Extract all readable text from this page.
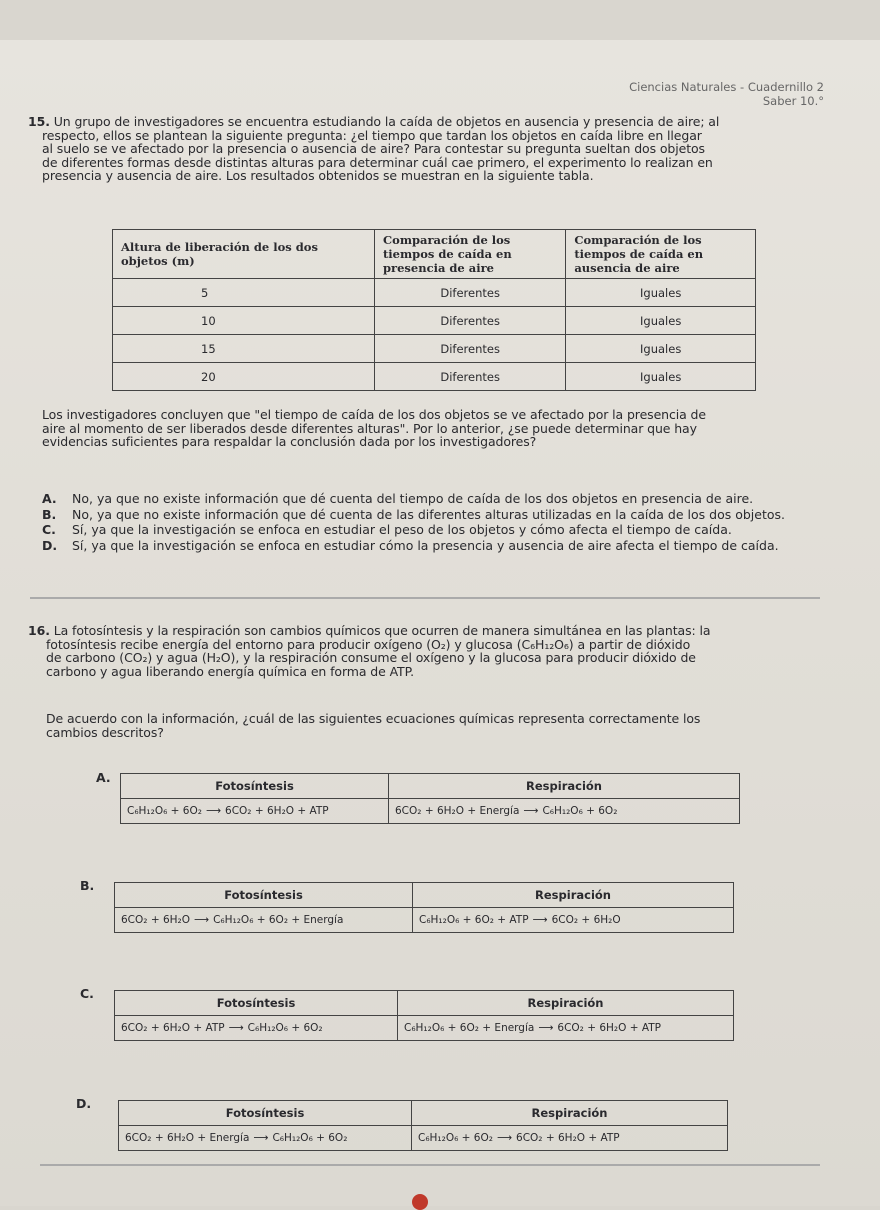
Ciencias Naturales - Cuadernillo 2
Saber 10.°
15. Un grupo de investigadores se encuentra estudiando la caída de objetos en ausencia y presencia de aire; al
respecto, ellos se plantean la siguiente pregunta: ¿el tiempo que tardan los objetos en caída libre en llegar
al suelo se ve afectado por la presencia o ausencia de aire? Para contestar su pregunta sueltan dos objetos
de diferentes formas desde distintas alturas para determinar cuál cae primero, el experimento lo realizan en
presencia y ausencia de aire. Los resultados obtenidos se muestran en la siguiente tabla.
Altura de liberación de los dos objetos (m)	Comparación de los tiempos de caída en presencia de aire	Comparación de los tiempos de caída en ausencia de aire
5	Diferentes	Iguales
10	Diferentes	Iguales
15	Diferentes	Iguales
20	Diferentes	Iguales
Los investigadores concluyen que "el tiempo de caída de los dos objetos se ve afectado por la presencia de
aire al momento de ser liberados desde diferentes alturas". Por lo anterior, ¿se puede determinar que hay
evidencias suficientes para respaldar la conclusión dada por los investigadores?
A.	No, ya que no existe información que dé cuenta del tiempo de caída de los dos objetos en presencia de aire.
B.	No, ya que no existe información que dé cuenta de las diferentes alturas utilizadas en la caída de los dos objetos.
C.	Sí, ya que la investigación se enfoca en estudiar el peso de los objetos y cómo afecta el tiempo de caída.
D.	Sí, ya que la investigación se enfoca en estudiar cómo la presencia y ausencia de aire afecta el tiempo de caída.
16. La fotosíntesis y la respiración son cambios químicos que ocurren de manera simultánea en las plantas: la
fotosíntesis recibe energía del entorno para producir oxígeno (O₂) y glucosa (C₆H₁₂O₆) a partir de dióxido
de carbono (CO₂) y agua (H₂O), y la respiración consume el oxígeno y la glucosa para producir dióxido de
carbono y agua liberando energía química en forma de ATP.
De acuerdo con la información, ¿cuál de las siguientes ecuaciones químicas representa correctamente los
cambios descritos?
A.
Fotosíntesis	Respiración
C₆H₁₂O₆ + 6O₂ ⟶ 6CO₂ + 6H₂O + ATP	6CO₂ + 6H₂O + Energía ⟶ C₆H₁₂O₆ + 6O₂
B.
Fotosíntesis	Respiración
6CO₂ + 6H₂O ⟶ C₆H₁₂O₆ + 6O₂ + Energía	C₆H₁₂O₆ + 6O₂ + ATP ⟶ 6CO₂ + 6H₂O
C.
Fotosíntesis	Respiración
6CO₂ + 6H₂O + ATP ⟶ C₆H₁₂O₆ + 6O₂	C₆H₁₂O₆ + 6O₂ + Energía ⟶ 6CO₂ + 6H₂O + ATP
D.
Fotosíntesis	Respiración
6CO₂ + 6H₂O + Energía ⟶ C₆H₁₂O₆ + 6O₂	C₆H₁₂O₆ + 6O₂ ⟶ 6CO₂ + 6H₂O + ATP
